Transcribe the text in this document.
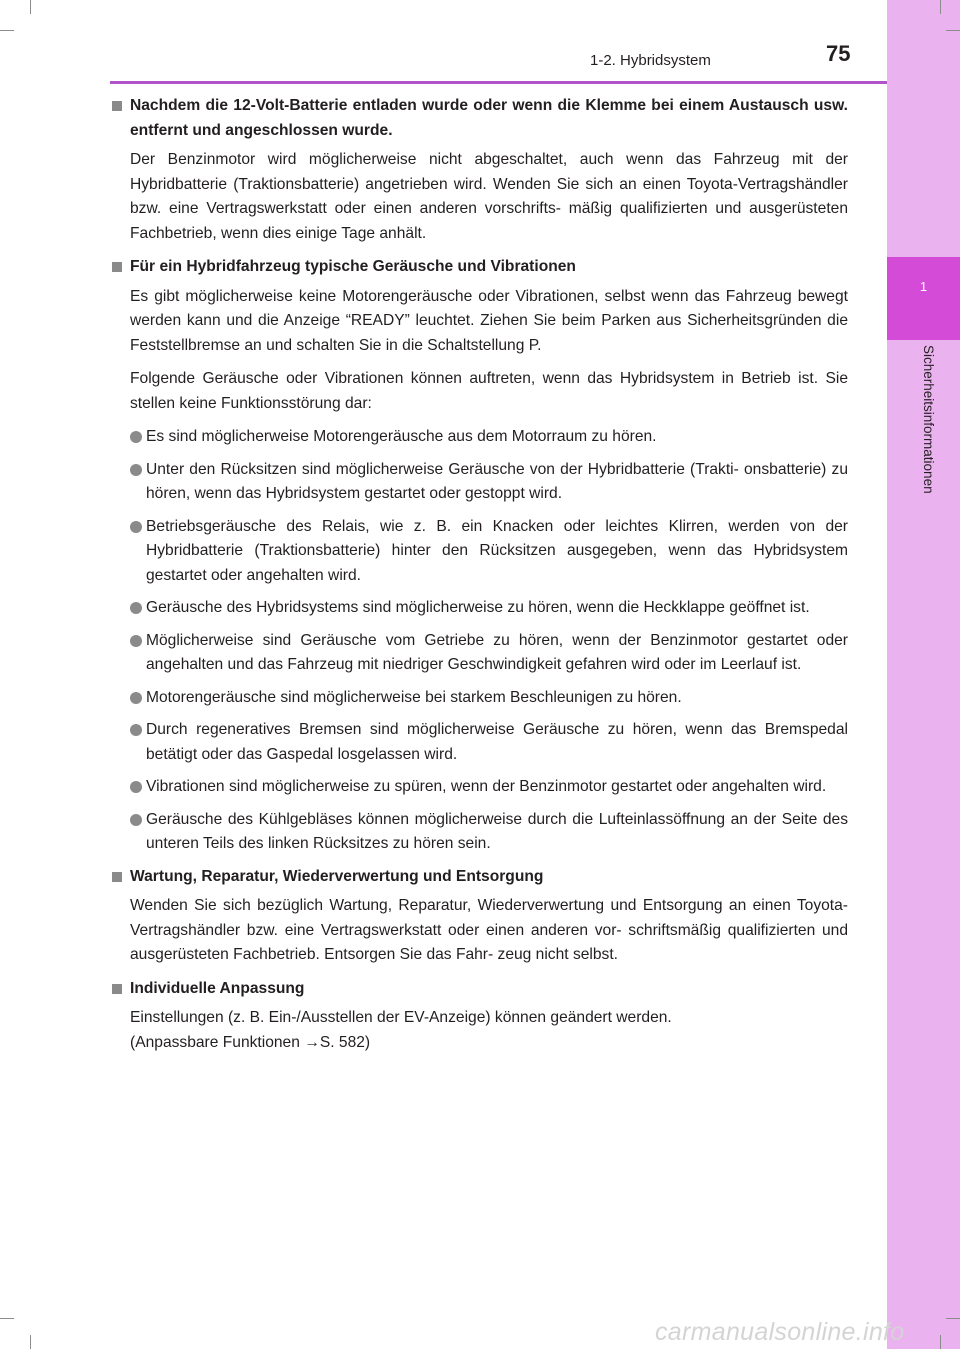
1
Sicherheitsinformationen
1-2. Hybridsystem	75
Nachdem die 12-Volt-Batterie entladen wurde oder wenn die Klemme bei einem Austausch usw. entfernt und angeschlossen wurde.

Der Benzinmotor wird möglicherweise nicht abgeschaltet, auch wenn das Fahrzeug mit der Hybridbatterie (Traktionsbatterie) angetrieben wird. Wenden Sie sich an einen Toyota-Vertragshändler bzw. eine Vertragswerkstatt oder einen anderen vorschrifts- mäßig qualifizierten und ausgerüsteten Fachbetrieb, wenn dies einige Tage anhält.

Für ein Hybridfahrzeug typische Geräusche und Vibrationen

Es gibt möglicherweise keine Motorengeräusche oder Vibrationen, selbst wenn das Fahrzeug bewegt werden kann und die Anzeige “READY” leuchtet. Ziehen Sie beim Parken aus Sicherheitsgründen die Feststellbremse an und schalten Sie in die Schaltstellung P.

Folgende Geräusche oder Vibrationen können auftreten, wenn das Hybridsystem in Betrieb ist. Sie stellen keine Funktionsstörung dar:

Es sind möglicherweise Motorengeräusche aus dem Motorraum zu hören.
Unter den Rücksitzen sind möglicherweise Geräusche von der Hybridbatterie (Trakti- onsbatterie) zu hören, wenn das Hybridsystem gestartet oder gestoppt wird.
Betriebsgeräusche des Relais, wie z. B. ein Knacken oder leichtes Klirren, werden von der Hybridbatterie (Traktionsbatterie) hinter den Rücksitzen ausgegeben, wenn das Hybridsystem gestartet oder angehalten wird.
Geräusche des Hybridsystems sind möglicherweise zu hören, wenn die Heckklappe geöffnet ist.
Möglicherweise sind Geräusche vom Getriebe zu hören, wenn der Benzinmotor gestartet oder angehalten und das Fahrzeug mit niedriger Geschwindigkeit gefahren wird oder im Leerlauf ist.
Motorengeräusche sind möglicherweise bei starkem Beschleunigen zu hören.
Durch regeneratives Bremsen sind möglicherweise Geräusche zu hören, wenn das Bremspedal betätigt oder das Gaspedal losgelassen wird.
Vibrationen sind möglicherweise zu spüren, wenn der Benzinmotor gestartet oder angehalten wird.
Geräusche des Kühlgebläses können möglicherweise durch die Lufteinlassöffnung an der Seite des unteren Teils des linken Rücksitzes zu hören sein.
Wartung, Reparatur, Wiederverwertung und Entsorgung

Wenden Sie sich bezüglich Wartung, Reparatur, Wiederverwertung und Entsorgung an einen Toyota-Vertragshändler bzw. eine Vertragswerkstatt oder einen anderen vor- schriftsmäßig qualifizierten und ausgerüsteten Fachbetrieb. Entsorgen Sie das Fahr- zeug nicht selbst.

Individuelle Anpassung

Einstellungen (z. B. Ein-/Ausstellen der EV-Anzeige) können geändert werden.

(Anpassbare Funktionen →S. 582)

carmanualsonline.info
